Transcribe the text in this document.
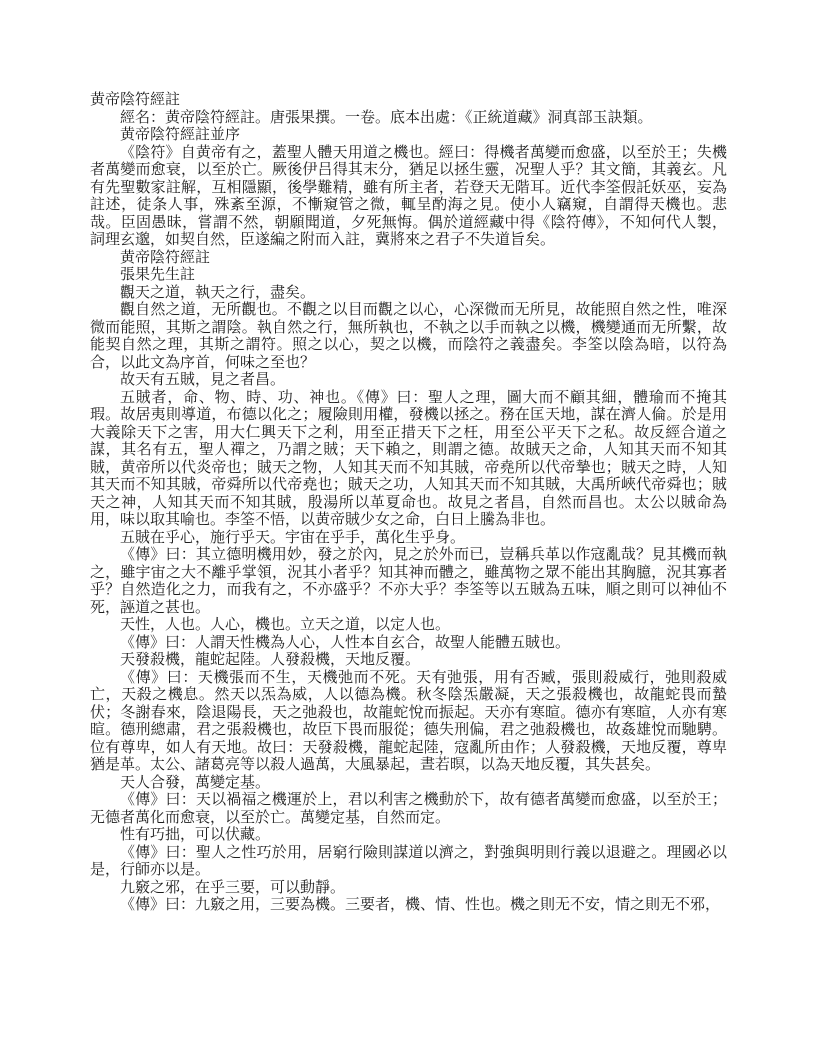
黄帝陰符經註

經名：黄帝陰符經註。唐張果撰。一卷。底本出處：《正統道藏》洞真部玉訣類。

黄帝陰符經註並序

《陰符》自黄帝有之，蓋聖人體天用道之機也。經曰：得機者萬變而愈盛，以至於王；失機者萬變而愈衰，以至於亡。厥後伊吕得其末分，猶足以拯生靈，况聖人乎？其文簡，其義玄。凡有先聖數家註解，互相隱顯，後學難精，雖有所主者，若登天无階耳。近代李筌假託妖巫，妄為註述，徒条人事，殊紊至源，不慚窺管之微，輒呈酌海之見。使小人竊窺，自謂得天機也。悲哉。臣固愚昧，嘗謂不然，朝願聞道，夕死無悔。偶於道經藏中得《陰符傳》，不知何代人製，詞理玄邈，如契自然，臣遂編之附而入註，冀將來之君子不失道旨矣。

黄帝陰符經註

張果先生註

觀天之道，執天之行，盡矣。

觀自然之道，无所觀也。不觀之以目而觀之以心，心深微而无所見，故能照自然之性，唯深微而能照，其斯之謂陰。執自然之行，無所執也，不執之以手而執之以機，機變通而无所繫，故能契自然之理，其斯之謂符。照之以心，契之以機，而陰符之義盡矣。李筌以陰為暗，以符為合，以此文為序首，何味之至也？

故天有五賊，見之者昌。

五賊者，命、物、時、功、神也。《傳》曰：聖人之理，圖大而不顧其細，體瑜而不掩其瑕。故居夷則導道，布德以化之；履險則用權，發機以拯之。務在匡天地，謀在濟人倫。於是用大義除天下之害，用大仁興天下之利，用至正措天下之枉，用至公平天下之私。故反經合道之謀，其名有五，聖人禪之，乃謂之賊；天下賴之，則謂之德。故賊天之命，人知其天而不知其賊，黄帝所以代炎帝也；賊天之物，人知其天而不知其賊，帝堯所以代帝摯也；賊天之時，人知其天而不知其賊，帝舜所以代帝堯也；賊天之功，人知其天而不知其賊，大禹所峽代帝舜也；賊天之神，人知其天而不知其賊，殷湯所以革夏命也。故見之者昌，自然而昌也。太公以賊命為用，味以取其喻也。李筌不悟，以黄帝賊少女之命，白日上騰為非也。

五賊在乎心，施行乎天。宇宙在乎手，萬化生乎身。

《傳》曰：其立德明機用妙，發之於內，見之於外而已，豈稱兵革以作寇亂哉？見其機而執之，雖宇宙之大不離乎掌領，況其小者乎？知其神而體之，雖萬物之眾不能出其胸臆，況其寡者乎？自然造化之力，而我有之，不亦盛乎？不亦大乎？李筌等以五賊為五味，順之則可以神仙不死，誣道之甚也。

天性，人也。人心，機也。立天之道，以定人也。

《傳》曰：人謂天性機為人心，人性本自玄合，故聖人能體五賊也。

天發殺機，龍蛇起陸。人發殺機，天地反覆。

《傳》曰：天機張而不生，天機弛而不死。天有弛張，用有否臧，張則殺威行，弛則殺威亡，天殺之機息。然天以炁為威，人以德為機。秋冬陰炁嚴凝，天之張殺機也，故龍蛇畏而蟄伏；冬謝春來，陰退陽長，天之弛殺也，故龍蛇悅而振起。天亦有寒暄。德亦有寒暄，人亦有寒暄。德刑總肅，君之張殺機也，故臣下畏而服從；德失刑偏，君之弛殺機也，故姦雄悅而馳騁。位有尊卑，如人有天地。故曰：天發殺機，龍蛇起陸，寇亂所由作；人發殺機，天地反覆，尊卑猶是革。太公、諸葛亮等以殺人過萬，大風暴起，晝若暝，以為天地反覆，其失甚矣。

天人合發，萬變定基。

《傳》曰：天以禍福之機運於上，君以利害之機動於下，故有德者萬變而愈盛，以至於王；无德者萬化而愈衰，以至於亡。萬變定基，自然而定。

性有巧拙，可以伏藏。

《傳》曰：聖人之性巧於用，居窮行險則謀道以濟之，對強與明則行義以退避之。理國必以是，行師亦以是。

九竅之邪，在乎三要，可以動靜。

《傳》曰：九竅之用，三要為機。三要者，機、情、性也。機之則无不安，情之則无不邪，
